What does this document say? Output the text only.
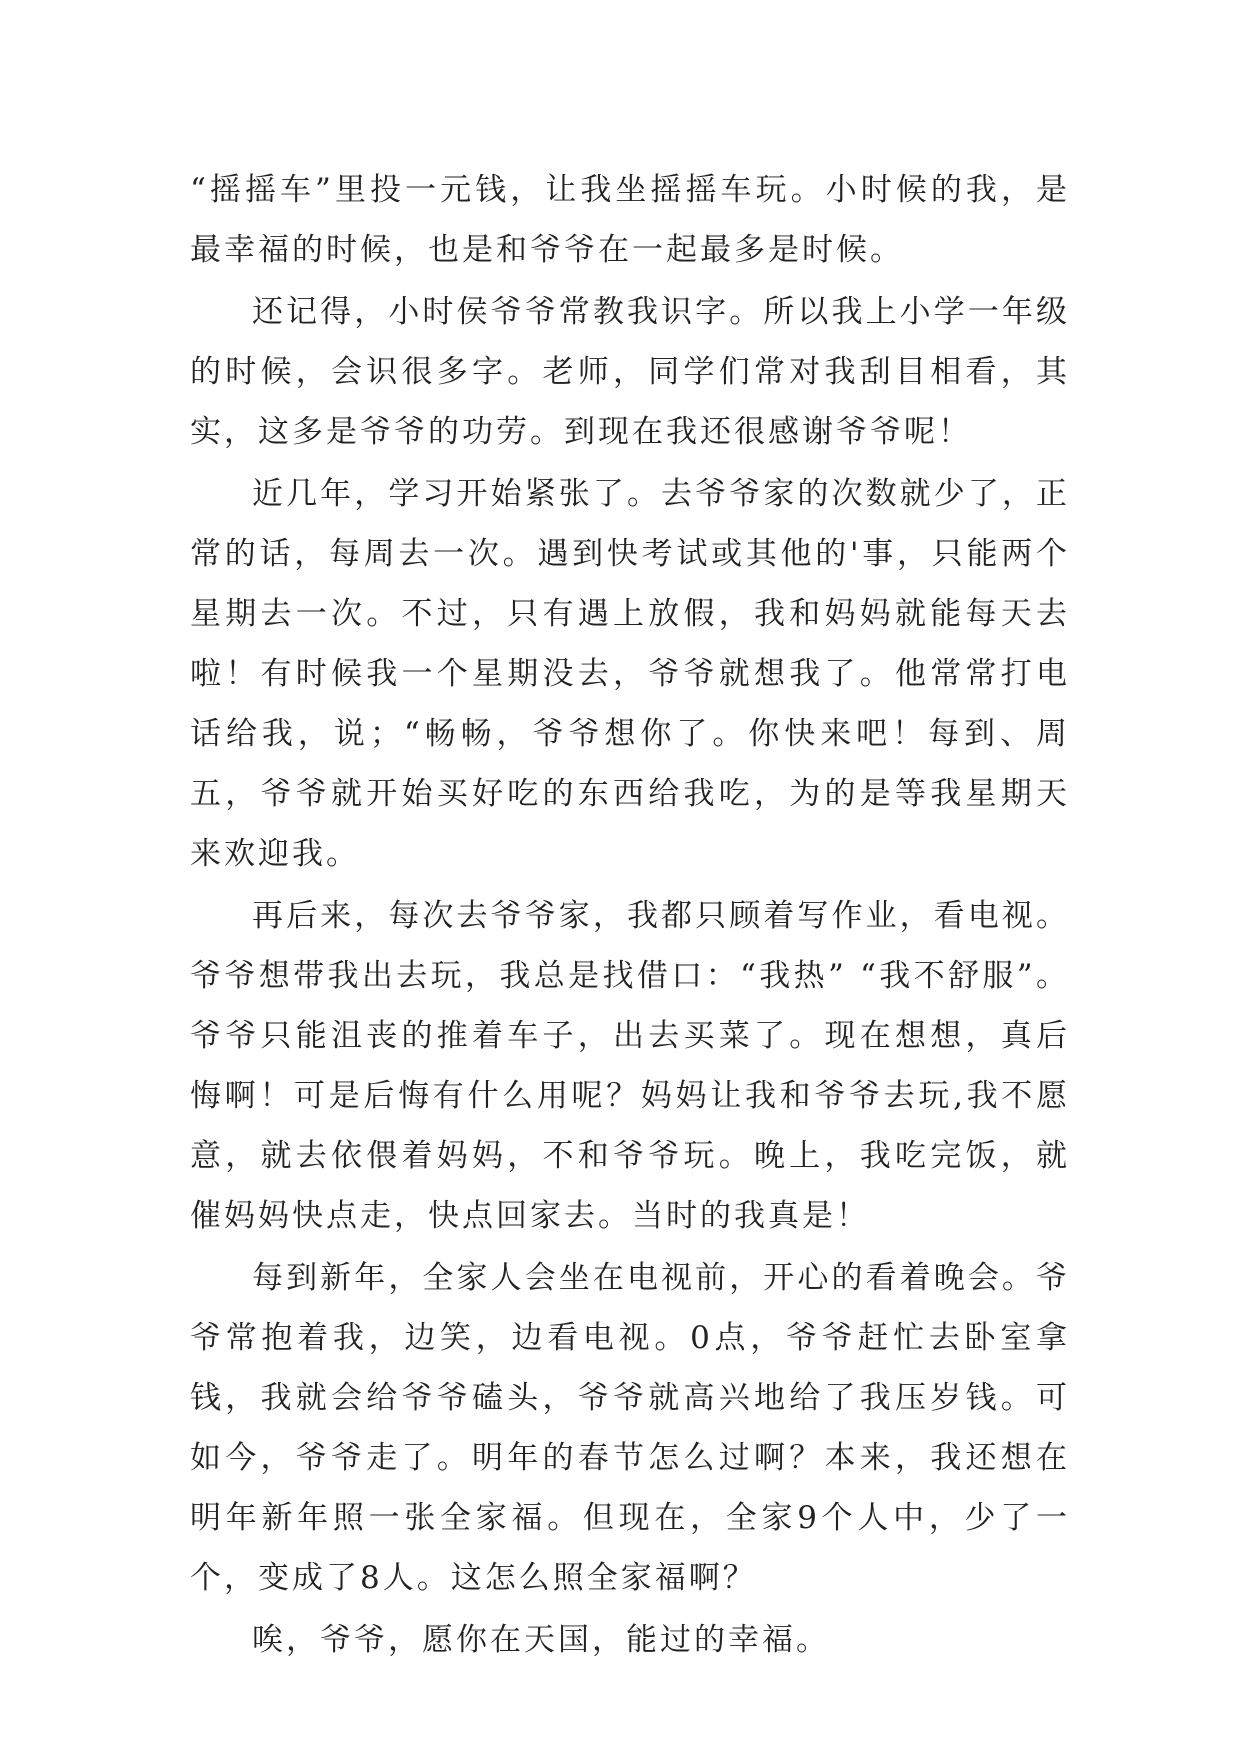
“摇摇车”里投一元钱，让我坐摇摇车玩。小时候的我，是最幸福的时候，也是和爷爷在一起最多是时候。

还记得，小时侯爷爷常教我识字。所以我上小学一年级的时候，会识很多字。老师，同学们常对我刮目相看，其实，这多是爷爷的功劳。到现在我还很感谢爷爷呢！

近几年，学习开始紧张了。去爷爷家的次数就少了，正常的话，每周去一次。遇到快考试或其他的'事，只能两个星期去一次。不过，只有遇上放假，我和妈妈就能每天去啦！有时候我一个星期没去，爷爷就想我了。他常常打电话给我，说；“畅畅，爷爷想你了。你快来吧！每到、周五，爷爷就开始买好吃的东西给我吃，为的是等我星期天来欢迎我。

再后来，每次去爷爷家，我都只顾着写作业，看电视。爷爷想带我出去玩，我总是找借口：“我热” “我不舒服”。爷爷只能沮丧的推着车子，出去买菜了。现在想想，真后悔啊！可是后悔有什么用呢？妈妈让我和爷爷去玩,我不愿意，就去依偎着妈妈，不和爷爷玩。晚上，我吃完饭，就催妈妈快点走，快点回家去。当时的我真是！

每到新年，全家人会坐在电视前，开心的看着晚会。爷爷常抱着我，边笑，边看电视。0点，爷爷赶忙去卧室拿钱，我就会给爷爷磕头，爷爷就高兴地给了我压岁钱。可如今，爷爷走了。明年的春节怎么过啊？本来，我还想在明年新年照一张全家福。但现在，全家9个人中，少了一个，变成了8人。这怎么照全家福啊？

唉，爷爷，愿你在天国，能过的幸福。
